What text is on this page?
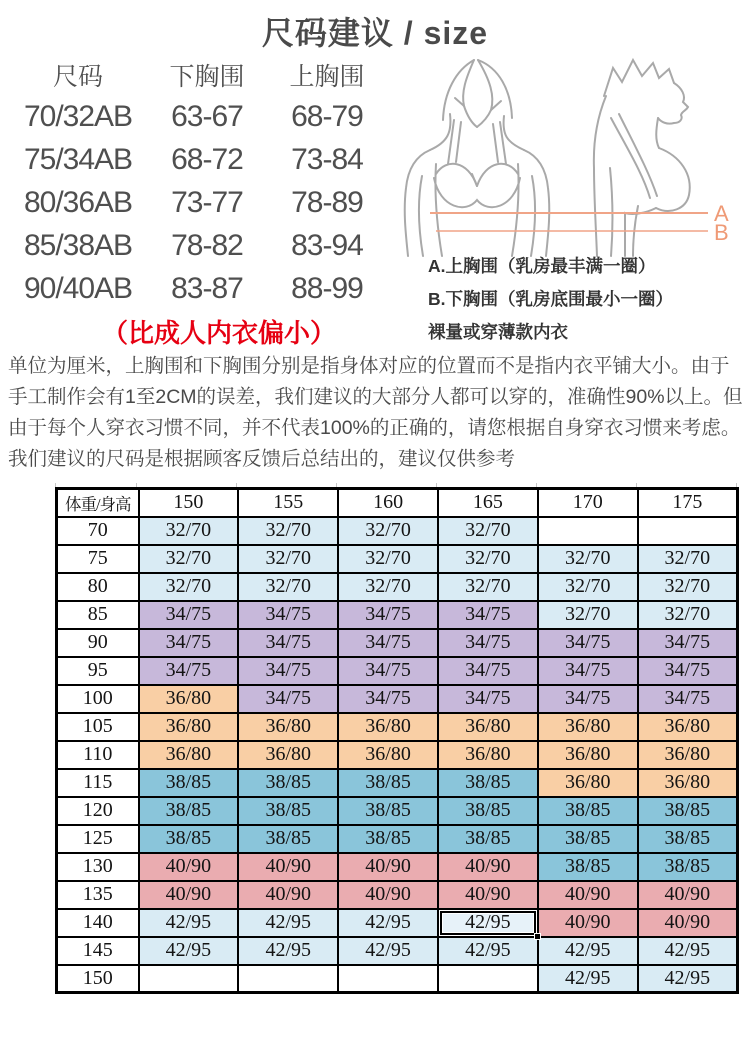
尺码建议 / size
尺码	下胸围	上胸围
70/32AB	63-67	68-79
75/34AB	68-72	73-84
80/36AB	73-77	78-89
85/38AB	78-82	83-94
90/40AB	83-87	88-99
（比成人内衣偏小）
A
B
A.上胸围（乳房最丰满一圈）
B.下胸围（乳房底围最小一圈）
裸量或穿薄款内衣
单位为厘米，上胸围和下胸围分别是指身体对应的位置而不是指内衣平铺大小。由于手工制作会有1至2CM的误差，我们建议的大部分人都可以穿的，准确性90%以上。但由于每个人穿衣习惯不同，并不代表100%的正确的，请您根据自身穿衣习惯来考虑。我们建议的尺码是根据顾客反馈后总结出的，建议仅供参考
体重/身高	150	155	160	165	170	175
70	32/70	32/70	32/70	32/70		
75	32/70	32/70	32/70	32/70	32/70	32/70
80	32/70	32/70	32/70	32/70	32/70	32/70
85	34/75	34/75	34/75	34/75	32/70	32/70
90	34/75	34/75	34/75	34/75	34/75	34/75
95	34/75	34/75	34/75	34/75	34/75	34/75
100	36/80	34/75	34/75	34/75	34/75	34/75
105	36/80	36/80	36/80	36/80	36/80	36/80
110	36/80	36/80	36/80	36/80	36/80	36/80
115	38/85	38/85	38/85	38/85	36/80	36/80
120	38/85	38/85	38/85	38/85	38/85	38/85
125	38/85	38/85	38/85	38/85	38/85	38/85
130	40/90	40/90	40/90	40/90	38/85	38/85
135	40/90	40/90	40/90	40/90	40/90	40/90
140	42/95	42/95	42/95	42/95	40/90	40/90
145	42/95	42/95	42/95	42/95	42/95	42/95
150					42/95	42/95
